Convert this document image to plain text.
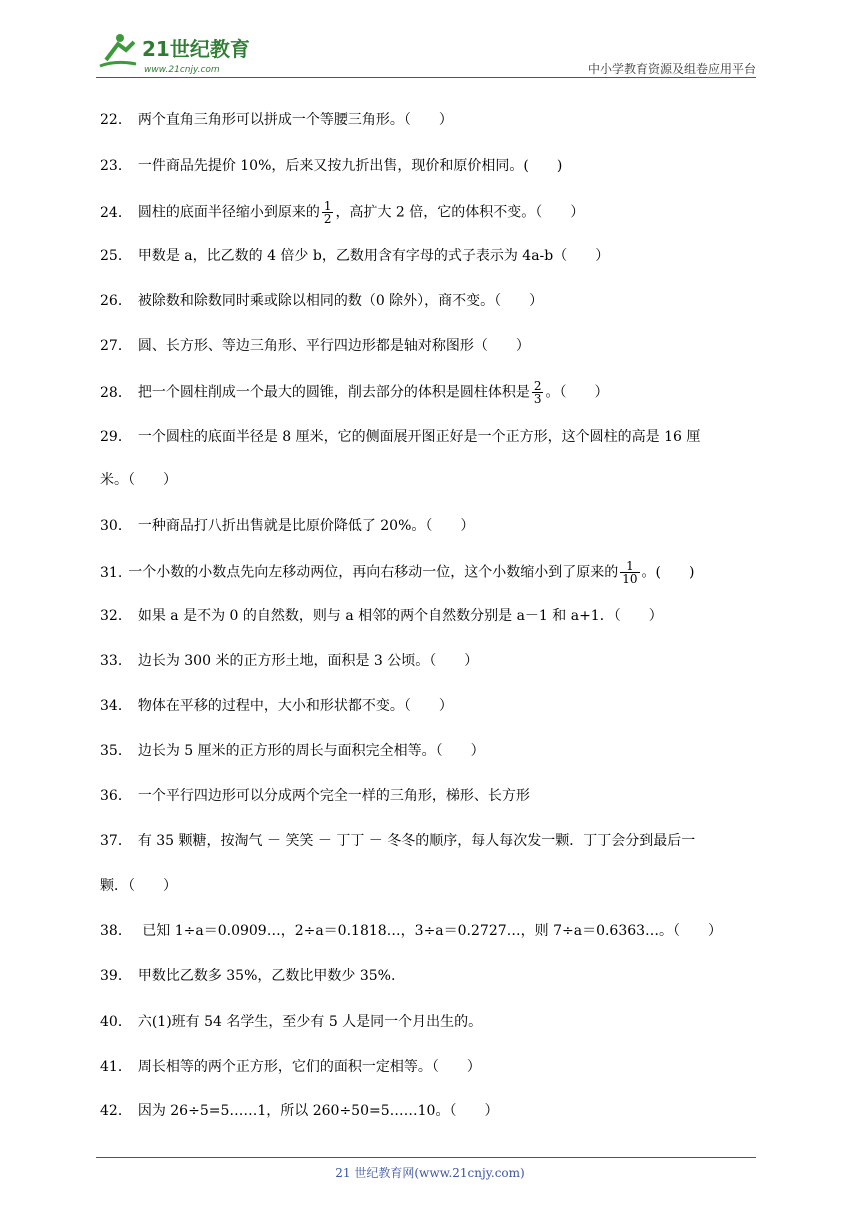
21世纪教育
www.21cnjy.com	中小学教育资源及组卷应用平台
22． 两个直角三角形可以拼成一个等腰三角形。（　　）
23． 一件商品先提价 10%，后来又按九折出售，现价和原价相同。(　　)
24． 圆柱的底面半径缩小到原来的 $\frac{1}{2}$ ，高扩大 2 倍，它的体积不变。（　　）
25． 甲数是 a，比乙数的 4 倍少 b，乙数用含有字母的式子表示为 4a-b（　　）
26． 被除数和除数同时乘或除以相同的数（0 除外），商不变。（　　）
27． 圆、长方形、等边三角形、平行四边形都是轴对称图形（　　）
28． 把一个圆柱削成一个最大的圆锥，削去部分的体积是圆柱体积是 $\frac{2}{3}$ 。（　　）
29． 一个圆柱的底面半径是 8 厘米，它的侧面展开图正好是一个正方形，这个圆柱的高是 16 厘
米。（　　）
30． 一种商品打八折出售就是比原价降低了 20%。（　　）
31. 一个小数的小数点先向左移动两位，再向右移动一位，这个小数缩小到了原来的 $\frac{1}{10}$ 。(　　)
32． 如果 a 是不为 0 的自然数，则与 a 相邻的两个自然数分别是 a－1 和 a+1．（　　）
33． 边长为 300 米的正方形土地，面积是 3 公顷。（　　）
34． 物体在平移的过程中，大小和形状都不变。（　　）
35． 边长为 5 厘米的正方形的周长与面积完全相等。（　　）
36． 一个平行四边形可以分成两个完全一样的三角形，梯形、长方形
37． 有 35 颗糖，按淘气 － 笑笑 － 丁丁 － 冬冬的顺序，每人每次发一颗．丁丁会分到最后一
颗．（　　）
38． 已知 1÷a＝0.0909…，2÷a＝0.1818…，3÷a＝0.2727…，则 7÷a＝0.6363…。（　　）
39． 甲数比乙数多 35%，乙数比甲数少 35%.
40． 六(1)班有 54 名学生，至少有 5 人是同一个月出生的。
41． 周长相等的两个正方形，它们的面积一定相等。（　　）
42． 因为 26÷5=5……1，所以 260÷50=5……10。（　　）
21 世纪教育网(www.21cnjy.com)
